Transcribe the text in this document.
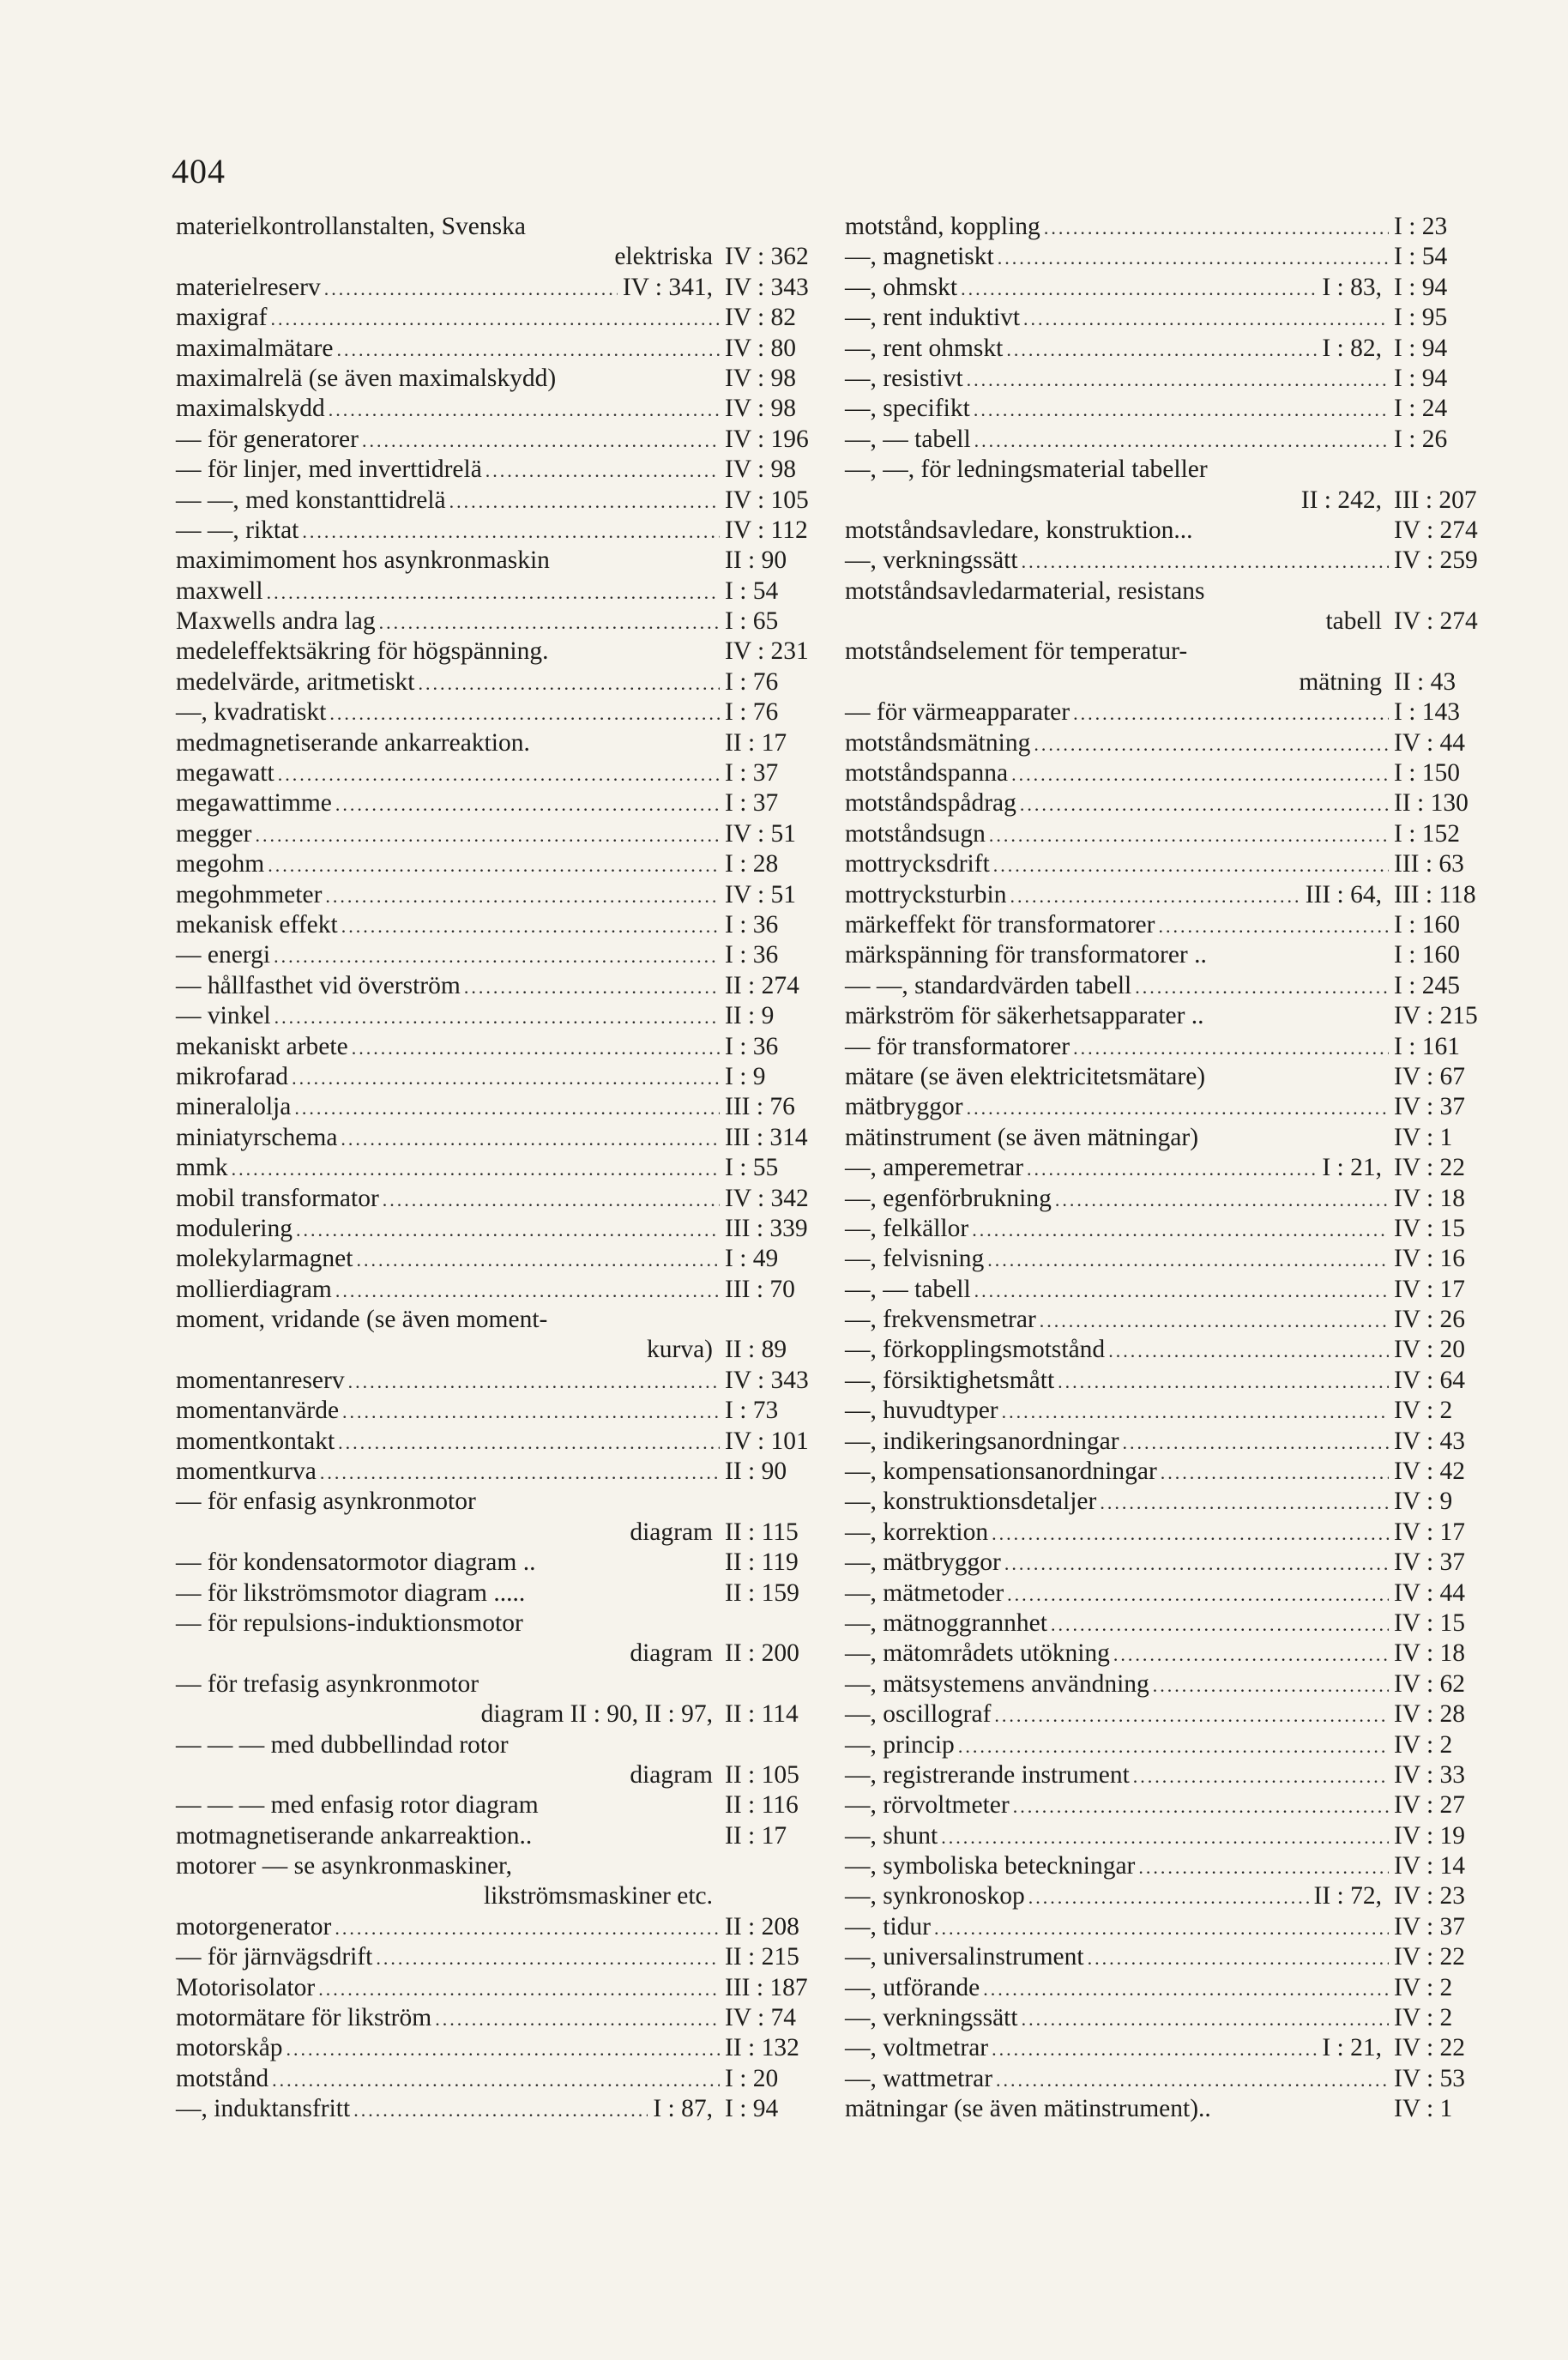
404
materielkontrollanstalten, Svenska
elektriska IV : 362
materielreserv .....	IV : 341, IV : 343
maxigraf .....	IV : 82
maximalmätare .....	IV : 80
maximalrelä (se även maximalskydd)	IV : 98
maximalskydd .....	IV : 98
— för generatorer .....	IV : 196
— för linjer, med inverttidrelä .....	IV : 98
— —, med konstanttidrelä .....	IV : 105
— —, riktat .....	IV : 112
maximimoment hos asynkronmaskin	II : 90
maxwell .....	I : 54
Maxwells andra lag .....	I : 65
medeleffektsäkring för högspänning.	IV : 231
medelvärde, aritmetiskt .....	I : 76
—, kvadratiskt .....	I : 76
medmagnetiserande ankarreaktion.	II : 17
megawatt .....	I : 37
megawattimme .....	I : 37
megger .....	IV : 51
megohm .....	I : 28
megohmmeter .....	IV : 51
mekanisk effekt .....	I : 36
— energi .....	I : 36
— hållfasthet vid överström .....	II : 274
— vinkel .....	II : 9
mekaniskt arbete .....	I : 36
mikrofarad .....	I : 9
mineralolja .....	III : 76
miniatyrschema .....	III : 314
mmk .....	I : 55
mobil transformator .....	IV : 342
modulering .....	III : 339
molekylarmagnet .....	I : 49
mollierdiagram .....	III : 70
moment, vridande (se även moment-
kurva) II : 89
momentanreserv .....	IV : 343
momentanvärde .....	I : 73
momentkontakt .....	IV : 101
momentkurva .....	II : 90
— för enfasig asynkronmotor
diagram II : 115
— för kondensatormotor diagram ..	II : 119
— för likströmsmotor diagram .....	II : 159
— för repulsions-induktionsmotor
diagram II : 200
— för trefasig asynkronmotor
diagram II : 90, II : 97, II : 114
— — — med dubbellindad rotor
diagram II : 105
— — — med enfasig rotor diagram	II : 116
motmagnetiserande ankarreaktion..	II : 17
motorer — se asynkronmaskiner,
likströmsmaskiner etc.
motorgenerator .....	II : 208
— för järnvägsdrift .....	II : 215
Motorisolator .....	III : 187
motormätare för likström .....	IV : 74
motorskåp .....	II : 132
motstånd .....	I : 20
—, induktansfritt .....	I : 87, I : 94
motstånd, koppling .....	I : 23
—, magnetiskt .....	I : 54
—, ohmskt .....	I : 83, I : 94
—, rent induktivt .....	I : 95
—, rent ohmskt .....	I : 82, I : 94
—, resistivt .....	I : 94
—, specifikt .....	I : 24
—, — tabell .....	I : 26
—, —, för ledningsmaterial tabeller
II : 242, III : 207
motståndsavledare, konstruktion...	IV : 274
—, verkningssätt .....	IV : 259
motståndsavledarmaterial, resistans
tabell IV : 274
motståndselement för temperatur-
mätning II : 43
— för värmeapparater .....	I : 143
motståndsmätning .....	IV : 44
motståndspanna .....	I : 150
motståndspådrag .....	II : 130
motståndsugn .....	I : 152
mottrycksdrift .....	III : 63
mottrycksturbin .....	III : 64, III : 118
märkeffekt för transformatorer .....	I : 160
märkspänning för transformatorer ..	I : 160
— —, standardvärden tabell .....	I : 245
märkström för säkerhetsapparater ..	IV : 215
— för transformatorer .....	I : 161
mätare (se även elektricitetsmätare)	IV : 67
mätbryggor .....	IV : 37
mätinstrument (se även mätningar)	IV : 1
—, amperemetrar .....	I : 21, IV : 22
—, egenförbrukning .....	IV : 18
—, felkällor .....	IV : 15
—, felvisning .....	IV : 16
—, — tabell .....	IV : 17
—, frekvensmetrar .....	IV : 26
—, förkopplingsmotstånd .....	IV : 20
—, försiktighetsmått .....	IV : 64
—, huvudtyper .....	IV : 2
—, indikeringsanordningar .....	IV : 43
—, kompensationsanordningar .....	IV : 42
—, konstruktionsdetaljer .....	IV : 9
—, korrektion .....	IV : 17
—, mätbryggor .....	IV : 37
—, mätmetoder .....	IV : 44
—, mätnoggrannhet .....	IV : 15
—, mätområdets utökning .....	IV : 18
—, mätsystemens användning .....	IV : 62
—, oscillograf .....	IV : 28
—, princip .....	IV : 2
—, registrerande instrument .....	IV : 33
—, rörvoltmeter .....	IV : 27
—, shunt .....	IV : 19
—, symboliska beteckningar .....	IV : 14
—, synkronoskop .....	II : 72, IV : 23
—, tidur .....	IV : 37
—, universalinstrument .....	IV : 22
—, utförande .....	IV : 2
—, verkningssätt .....	IV : 2
—, voltmetrar .....	I : 21, IV : 22
—, wattmetrar .....	IV : 53
mätningar (se även mätinstrument)..	IV : 1
